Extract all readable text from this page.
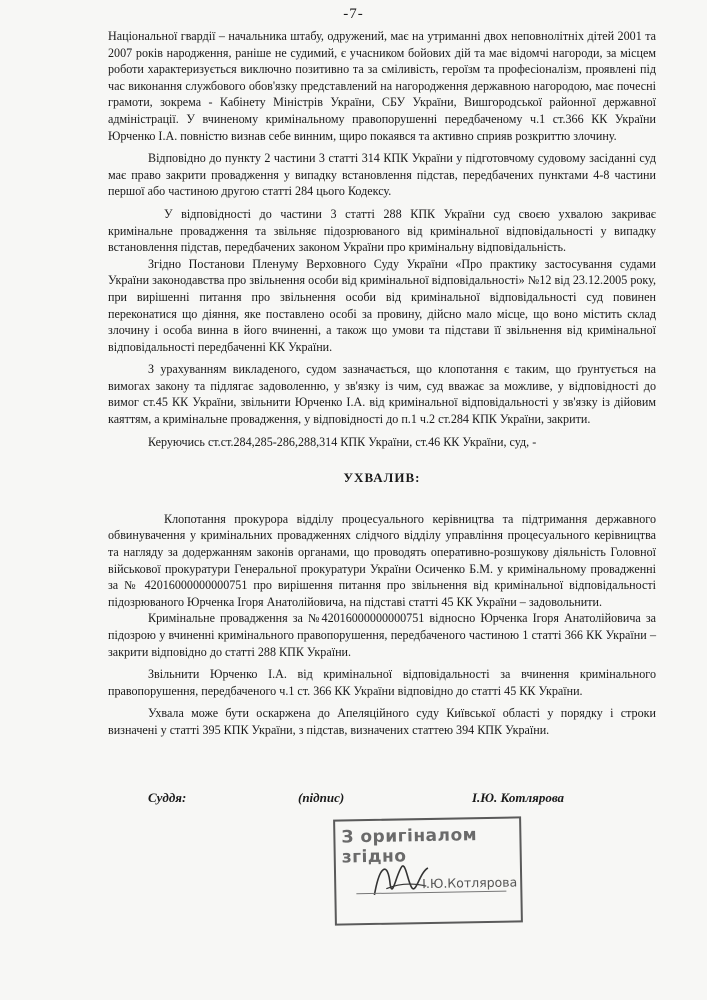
-7-

Національної гвардії – начальника штабу, одружений, має на утриманні двох неповнолітніх дітей 2001 та 2007 років народження, раніше не судимий, є учасником бойових дій та має відомчі нагороди, за місцем роботи характеризується виключно позитивно та за сміливість, героїзм та професіоналізм, проявлені під час виконання службового обов'язку представлений на нагородження державною нагородою, має почесні грамоти, зокрема - Кабінету Міністрів України, СБУ України, Вишгородської районної державної адміністрації. У вчиненому кримінальному правопорушенні передбаченому ч.1 ст.366 КК України Юрченко І.А. повністю визнав себе винним, щиро покаявся та активно сприяв розкриттю злочину.

Відповідно до пункту 2 частини 3 статті 314 КПК України у підготовчому судовому засіданні суд має право закрити провадження у випадку встановлення підстав, передбачених пунктами 4-8 частини першої або частиною другою статті 284 цього Кодексу.

У відповідності до частини 3 статті 288 КПК України суд своєю ухвалою закриває кримінальне провадження та звільняє підозрюваного від кримінальної відповідальності у випадку встановлення підстав, передбачених законом України про кримінальну відповідальність.

Згідно Постанови Пленуму Верховного Суду України «Про практику застосування судами України законодавства про звільнення особи від кримінальної відповідальності» №12 від 23.12.2005 року, при вирішенні питання про звільнення особи від кримінальної відповідальності суд повинен переконатися що діяння, яке поставлено особі за провину, дійсно мало місце, що воно містить склад злочину і особа винна в його вчиненні, а також що умови та підстави її звільнення від кримінальної відповідальності передбаченні КК України.

З урахуванням викладеного, судом зазначається, що клопотання є таким, що ґрунтується на вимогах закону та підлягає задоволенню, у зв'язку із чим, суд вважає за можливе, у відповідності до вимог ст.45 КК України, звільнити Юрченко І.А. від кримінальної відповідальності у зв'язку із дійовим каяттям, а кримінальне провадження, у відповідності до п.1 ч.2 ст.284 КПК України, закрити.

Керуючись ст.ст.284,285-286,288,314 КПК України, ст.46 КК України, суд, -

УХВАЛИВ:

Клопотання прокурора відділу процесуального керівництва та підтримання державного обвинувачення у кримінальних провадженнях слідчого відділу управління процесуального керівництва та нагляду за додержанням законів органами, що проводять оперативно-розшукову діяльність Головної військової прокуратури Генеральної прокуратури України Осиченко Б.М. у кримінальному провадженні за № 42016000000000751 про вирішення питання про звільнення від кримінальної відповідальності підозрюваного Юрченка Ігоря Анатолійовича, на підставі статті 45 КК України – задовольнити.

Кримінальне провадження за №42016000000000751 відносно Юрченка Ігоря Анатолійовича за підозрою у вчиненні кримінального правопорушення, передбаченого частиною 1 статті 366 КК України – закрити відповідно до статті 288 КПК України.

Звільнити Юрченко І.А. від кримінальної відповідальності за вчинення кримінального правопорушення, передбаченого ч.1 ст. 366 КК України відповідно до статті 45 КК України.

Ухвала може бути оскаржена до Апеляційного суду Київської області у порядку і строки визначені у статті 395 КПК України, з підстав, визначених статтею 394 КПК України.

Суддя:	(підпис)	І.Ю. Котлярова
З оригіналом згідно
І.Ю.Котлярова
